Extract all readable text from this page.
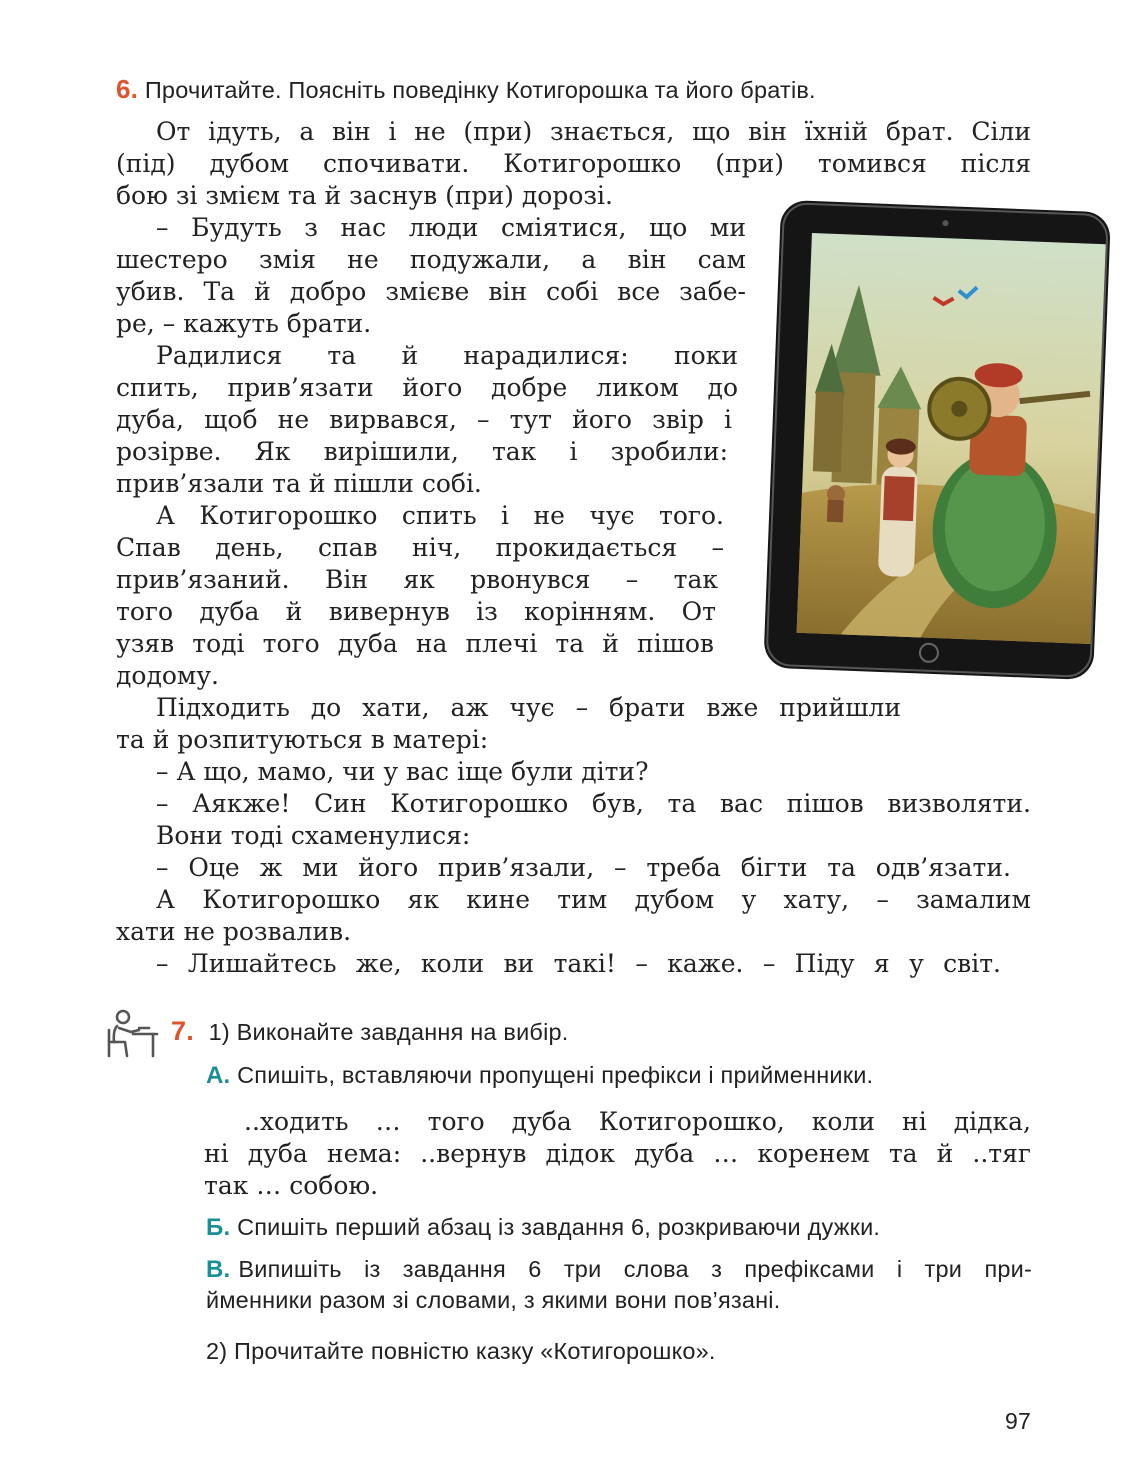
6. Прочитайте. Поясніть поведінку Котигорошка та його братів.
От ідуть, а він і не (при) знається, що він їхній брат. Сіли
(під) дубом спочивати. Котигорошко (при) томився після
бою зі змієм та й заснув (при) дорозі.
– Будуть з нас люди сміятися, що ми
шестеро змія не подужали, а він сам
убив. Та й добро змієве він собі все забе-
ре, – кажуть брати.
Радилися та й нарадилися: поки
спить, прив’язати його добре ликом до
дуба, щоб не вирвався, – тут його звір і
розірве. Як вирішили, так і зробили:
прив’язали та й пішли собі.
А Котигорошко спить і не чує того.
Спав день, спав ніч, прокидається –
прив’язаний. Він як рвонувся – так
того дуба й вивернув із корінням. От
узяв тоді того дуба на плечі та й пішов
додому.
Підходить до хати, аж чує – брати вже прийшли
та й розпитуються в матері:
– А що, мамо, чи у вас іще були діти?
– Аякже! Син Котигорошко був, та вас пішов визволяти.
Вони тоді схаменулися:
– Оце ж ми його прив’язали, – треба бігти та одв’язати.
А Котигорошко як кине тим дубом у хату, – замалим
хати не розвалив.
– Лишайтесь же, коли ви такі! – каже. – Піду я у світ.
7. 1) Виконайте завдання на вибір.
А. Спишіть, вставляючи пропущені префікси і прийменники.
..ходить … того дуба Котигорошко, коли ні дідка,
ні дуба нема: ..вернув дідок дуба … коренем та й ..тяг
так … собою.
Б. Спишіть перший абзац із завдання 6, розкриваючи дужки.
В. Випишіть із завдання 6 три слова з префіксами і три при-
йменники разом зі словами, з якими вони пов’язані.
2) Прочитайте повністю казку «Котигорошко».
97
